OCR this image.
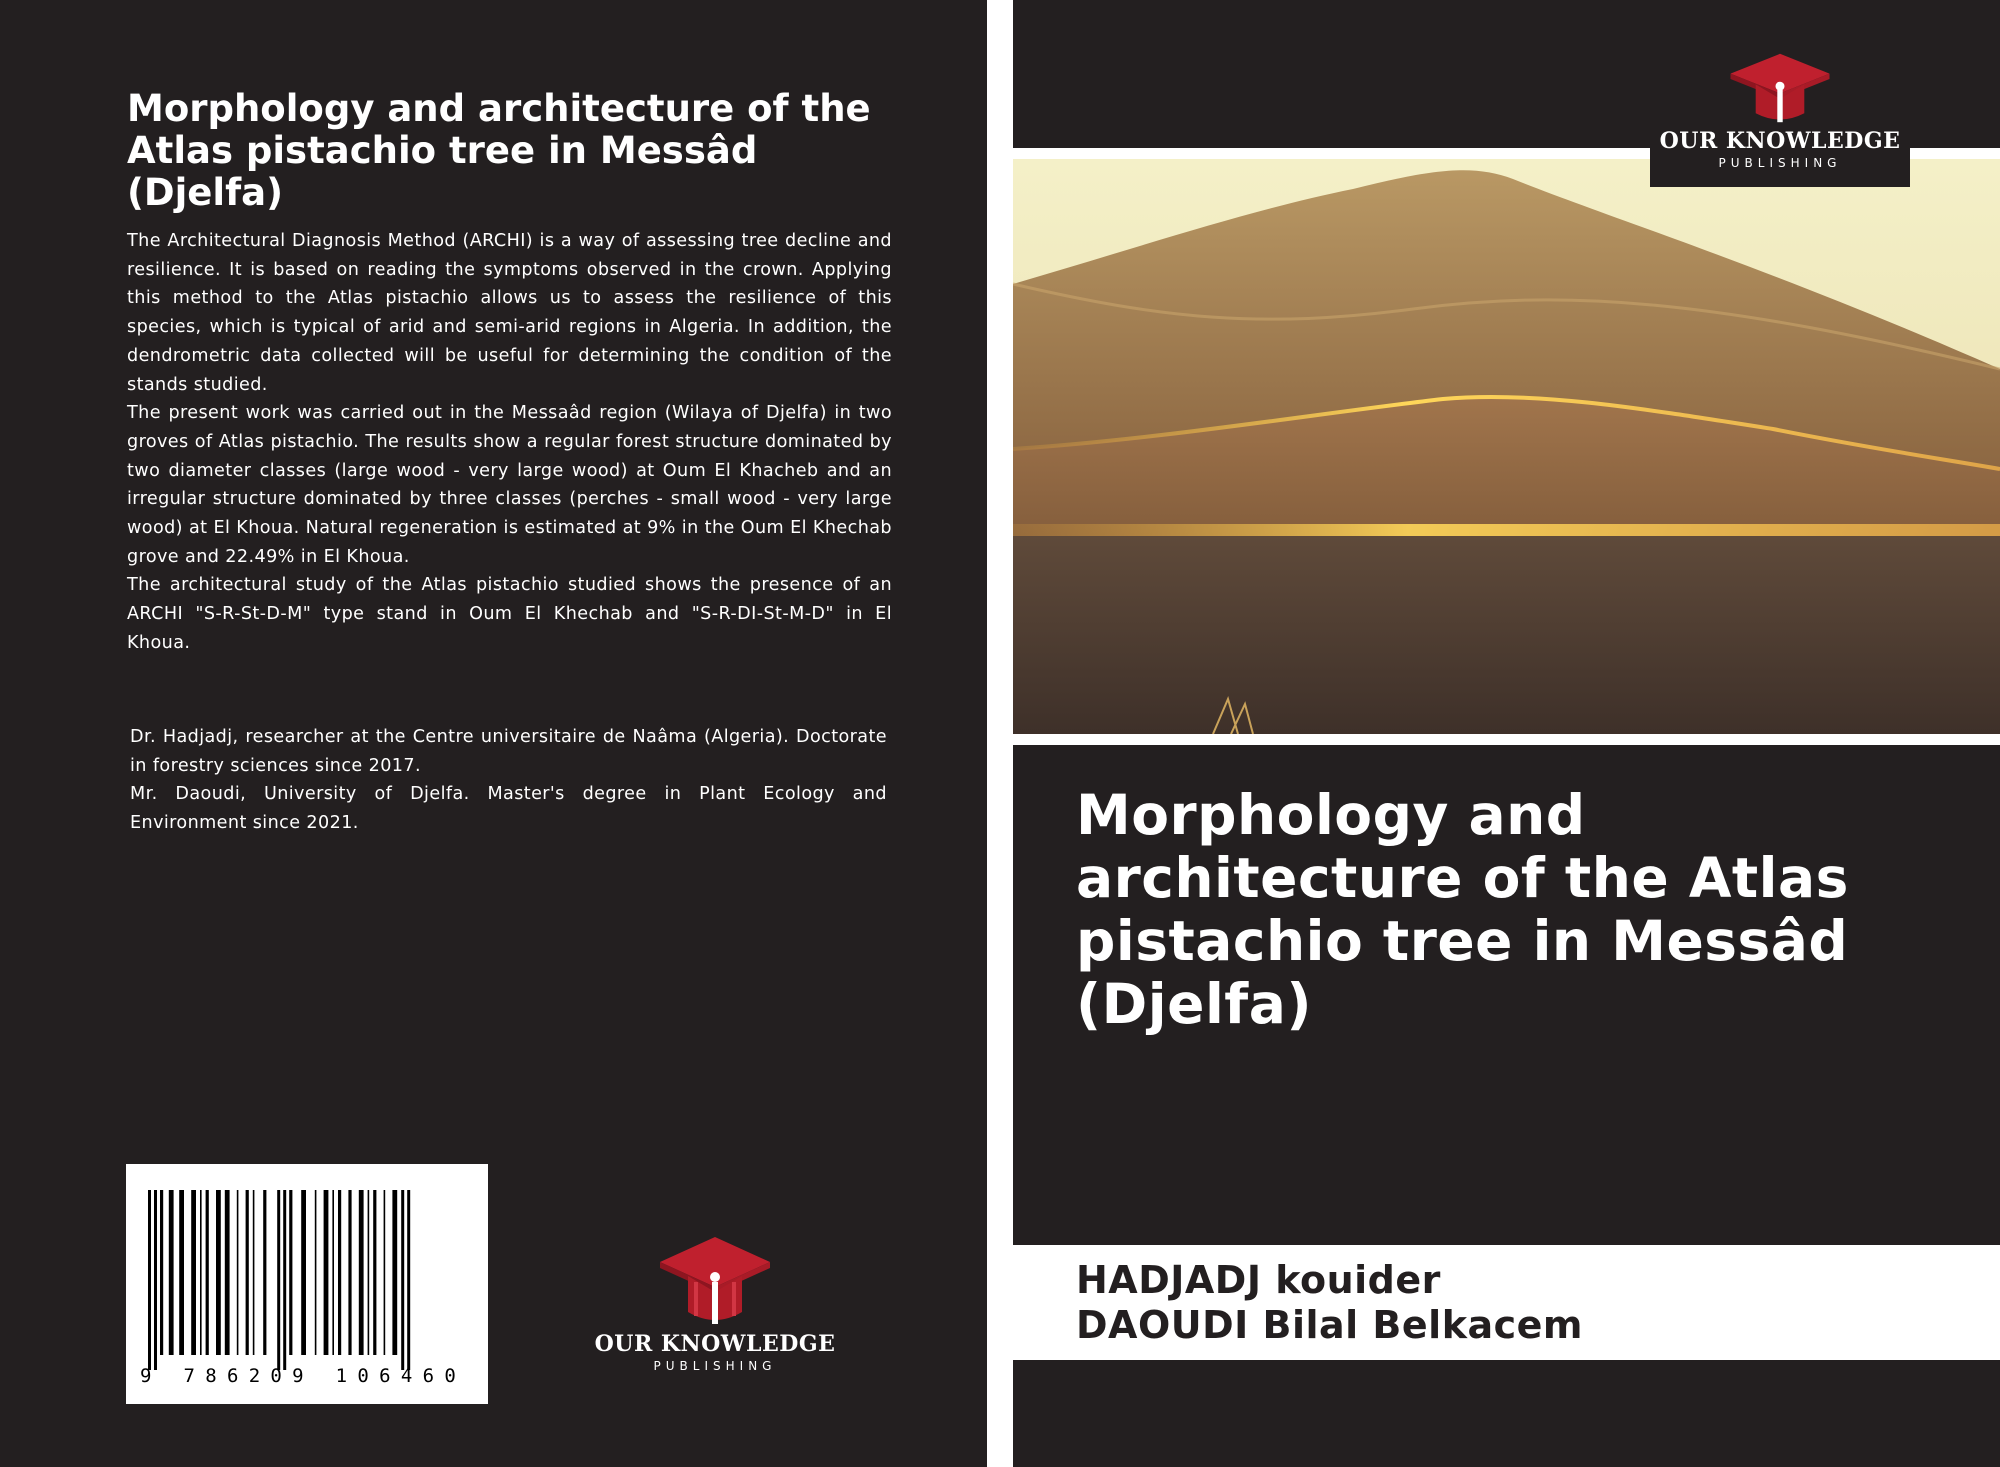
Morphology and architecture of the Atlas pistachio tree in Messâd (Djelfa)

The Architectural Diagnosis Method (ARCHI) is a way of assessing tree decline and resilience. It is based on reading the symptoms observed in the crown. Applying this method to the Atlas pistachio allows us to assess the resilience of this species, which is typical of arid and semi-arid regions in Algeria. In addition, the dendrometric data collected will be useful for determining the condition of the stands studied.

The present work was carried out in the Messaâd region (Wilaya of Djelfa) in two groves of Atlas pistachio. The results show a regular forest structure dominated by two diameter classes (large wood - very large wood) at Oum El Khacheb and an irregular structure dominated by three classes (perches - small wood - very large wood) at El Khoua. Natural regeneration is estimated at 9% in the Oum El Khechab grove and 22.49% in El Khoua.

The architectural study of the Atlas pistachio studied shows the presence of an ARCHI "S-R-St-D-M" type stand in Oum El Khechab and "S-R-DI-St-M-D" in El Khoua.

Dr. Hadjadj, researcher at the Centre universitaire de Naâma (Algeria). Doctorate in forestry sciences since 2017.

Mr. Daoudi, University of Djelfa. Master's degree in Plant Ecology and Environment since 2021.

9 786209 106460
OUR KNOWLEDGE
PUBLISHING
Morphology and architecture of the Atlas pistachio tree in Messâd (Djelfa)

HADJADJ kouider

DAOUDI Bilal Belkacem

OUR KNOWLEDGE
PUBLISHING
